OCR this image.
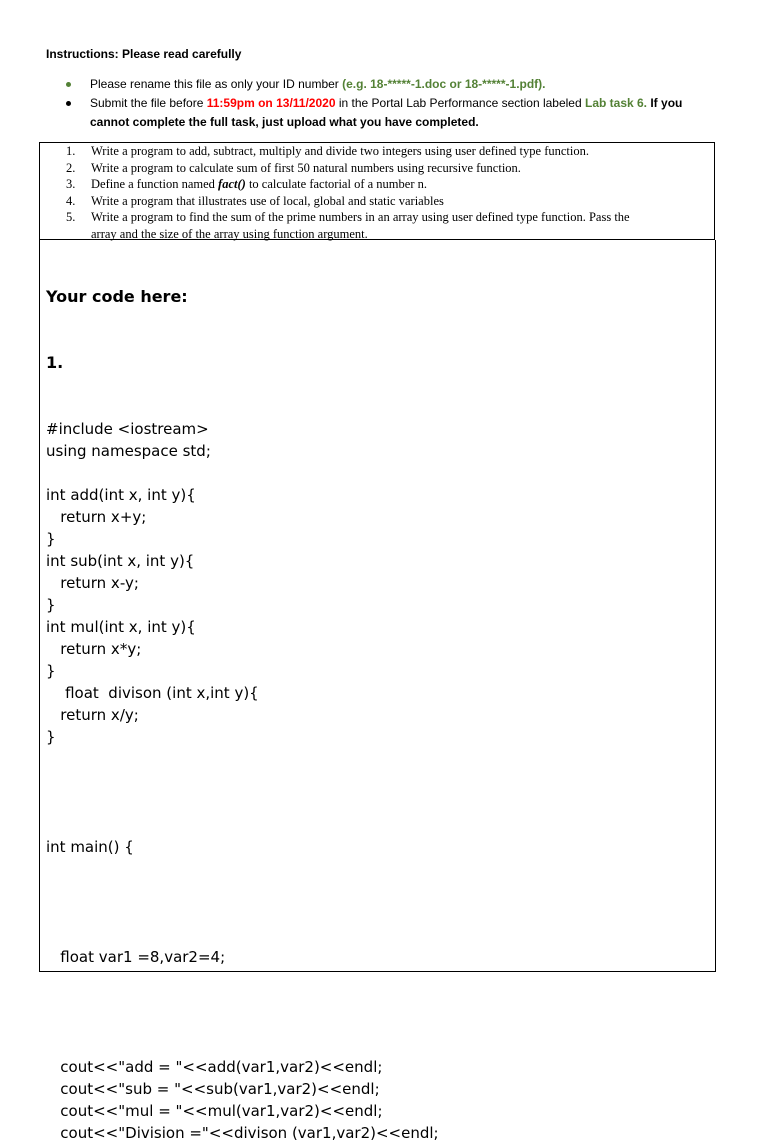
Instructions: Please read carefully
Please rename this file as only your ID number (e.g. 18-*****-1.doc or 18-*****-1.pdf).
Submit the file before 11:59pm on 13/11/2020 in the Portal Lab Performance section labeled Lab task 6. If you
cannot complete the full task, just upload what you have completed.
1. Write a program to add, subtract, multiply and divide two integers using user defined type function.
2. Write a program to calculate sum of first 50 natural numbers using recursive function.
3. Define a function named fact() to calculate factorial of a number n.
4. Write a program that illustrates use of local, global and static variables
5. Write a program to find the sum of the prime numbers in an array using user defined type function. Pass the
array and the size of the array using function argument.

Your code here:

1.

#include <iostream>
using namespace std;
int add(int x, int y){
return x+y;
}
int sub(int x, int y){
return x-y;
}
int mul(int x, int y){
return x*y;
}
float  divison (int x,int y){
return x/y;
}
int main() {
float var1 =8,var2=4;
cout<<"add = "<<add(var1,var2)<<endl;
cout<<"sub = "<<sub(var1,var2)<<endl;
cout<<"mul = "<<mul(var1,var2)<<endl;
cout<<"Division ="<<divison (var1,var2)<<endl;
